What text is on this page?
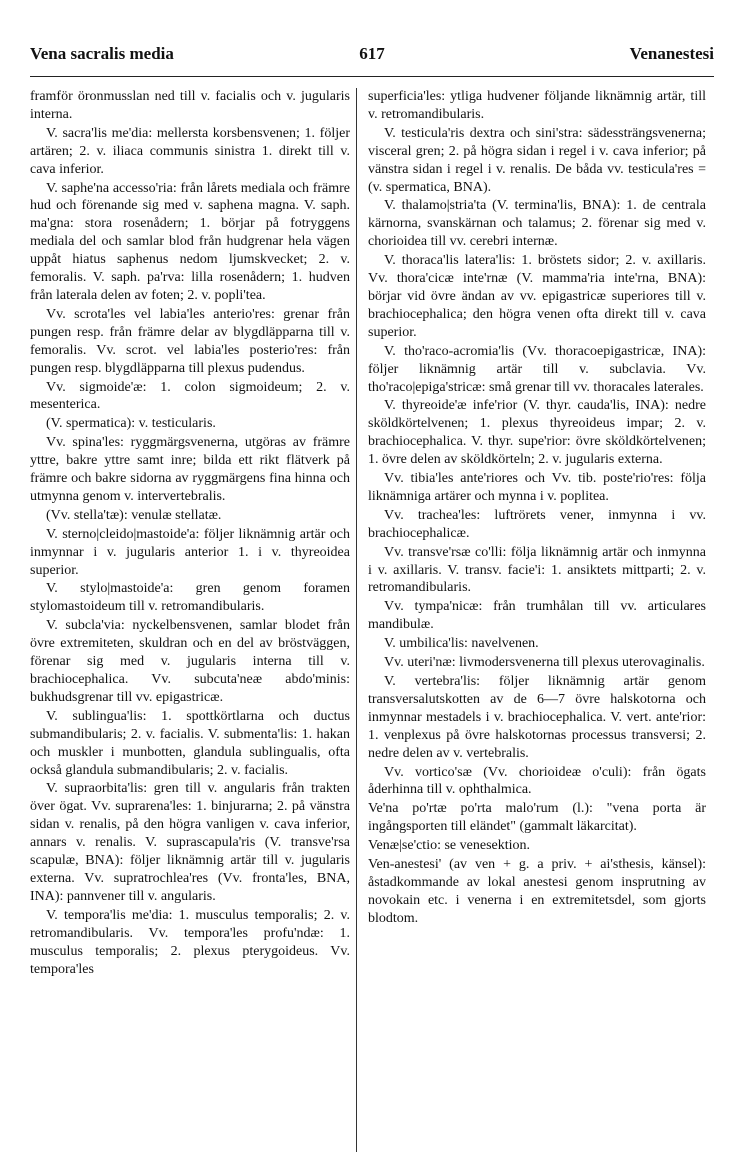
Vena sacralis media	617	Venanestesi

framför öronmusslan ned till v. facialis och v. jugularis interna.

V. sacra'lis me'dia: mellersta korsbensvenen; 1. följer artären; 2. v. iliaca communis sinistra 1. direkt till v. cava inferior.

V. saphe'na accesso'ria: från lårets mediala och främre hud och förenande sig med v. saphena magna. V. saph. ma'gna: stora rosenådern; 1. börjar på fotryggens mediala del och samlar blod från hudgrenar hela vägen uppåt hiatus saphenus nedom ljumskvecket; 2. v. femoralis. V. saph. pa'rva: lilla rosenådern; 1. hudven från laterala delen av foten; 2. v. popli'tea.

Vv. scrota'les vel labia'les anterio'res: grenar från pungen resp. från främre delar av blygdläpparna till v. femoralis. Vv. scrot. vel labia'les posterio'res: från pungen resp. blygdläpparna till plexus pudendus.

Vv. sigmoide'æ: 1. colon sigmoideum; 2. v. mesenterica.

(V. spermatica): v. testicularis.

Vv. spina'les: ryggmärgsvenerna, utgöras av främre yttre, bakre yttre samt inre; bilda ett rikt flätverk på främre och bakre sidorna av ryggmärgens fina hinna och utmynna genom v. intervertebralis.

(Vv. stella'tæ): venulæ stellatæ.

V. sterno|cleido|mastoide'a: följer liknämnig artär och inmynnar i v. jugularis anterior 1. i v. thyreoidea superior.

V. stylo|mastoide'a: gren genom foramen stylomastoideum till v. retromandibularis.

V. subcla'via: nyckelbensvenen, samlar blodet från övre extremiteten, skuldran och en del av bröstväggen, förenar sig med v. jugularis interna till v. brachiocephalica. Vv. subcuta'neæ abdo'minis: bukhudsgrenar till vv. epigastricæ.

V. sublingua'lis: 1. spottkörtlarna och ductus submandibularis; 2. v. facialis. V. submenta'lis: 1. hakan och muskler i munbotten, glandula sublingualis, ofta också glandula submandibularis; 2. v. facialis.

V. supraorbita'lis: gren till v. angularis från trakten över ögat. Vv. suprarena'les: 1. binjurarna; 2. på vänstra sidan v. renalis, på den högra vanligen v. cava inferior, annars v. renalis. V. suprascapula'ris (V. transve'rsa scapulæ, BNA): följer liknämnig artär till v. jugularis externa. Vv. supratrochlea'res (Vv. fronta'les, BNA, INA): pannvener till v. angularis.

V. tempora'lis me'dia: 1. musculus temporalis; 2. v. retromandibularis. Vv. tempora'les profu'ndæ: 1. musculus temporalis; 2. plexus pterygoideus. Vv. tempora'les

superficia'les: ytliga hudvener följande liknämnig artär, till v. retromandibularis.

V. testicula'ris dextra och sini'stra: sädessträngsvenerna; visceral gren; 2. på högra sidan i regel i v. cava inferior; på vänstra sidan i regel i v. renalis. De båda vv. testicula'res = (v. spermatica, BNA).

V. thalamo|stria'ta (V. termina'lis, BNA): 1. de centrala kärnorna, svanskärnan och talamus; 2. förenar sig med v. chorioidea till vv. cerebri internæ.

V. thoraca'lis latera'lis: 1. bröstets sidor; 2. v. axillaris. Vv. thora'cicæ inte'rnæ (V. mamma'ria inte'rna, BNA): börjar vid övre ändan av vv. epigastricæ superiores till v. brachiocephalica; den högra venen ofta direkt till v. cava superior.

V. tho'raco-acromia'lis (Vv. thoracoepigastricæ, INA): följer liknämnig artär till v. subclavia. Vv. tho'raco|epiga'stricæ: små grenar till vv. thoracales laterales.

V. thyreoide'æ infe'rior (V. thyr. cauda'lis, INA): nedre sköldkörtelvenen; 1. plexus thyreoideus impar; 2. v. brachiocephalica. V. thyr. supe'rior: övre sköldkörtelvenen; 1. övre delen av sköldkörteln; 2. v. jugularis externa.

Vv. tibia'les ante'riores och Vv. tib. poste'rio'res: följa liknämniga artärer och mynna i v. poplitea.

Vv. trachea'les: luftrörets vener, inmynna i vv. brachiocephalicæ.

Vv. transve'rsæ co'lli: följa liknämnig artär och inmynna i v. axillaris. V. transv. facie'i: 1. ansiktets mittparti; 2. v. retromandibularis.

Vv. tympa'nicæ: från trumhålan till vv. articulares mandibulæ.

V. umbilica'lis: navelvenen.

Vv. uteri'næ: livmodersvenerna till plexus uterovaginalis.

V. vertebra'lis: följer liknämnig artär genom transversalutskotten av de 6—7 övre halskotorna och inmynnar mestadels i v. brachiocephalica. V. vert. ante'rior: 1. venplexus på övre halskotornas processus transversi; 2. nedre delen av v. vertebralis.

Vv. vortico'sæ (Vv. chorioideæ o'culi): från ögats åderhinna till v. ophthalmica.

Ve'na po'rtæ po'rta malo'rum (l.): "vena porta är ingångsporten till eländet" (gammalt läkarcitat).

Venæ|se'ctio: se venesektion.

Ven-anestesi' (av ven + g. a priv. + ai'sthesis, känsel): åstadkommande av lokal anestesi genom insprutning av novokain etc. i venerna i en extremitetsdel, som gjorts blodtom.
